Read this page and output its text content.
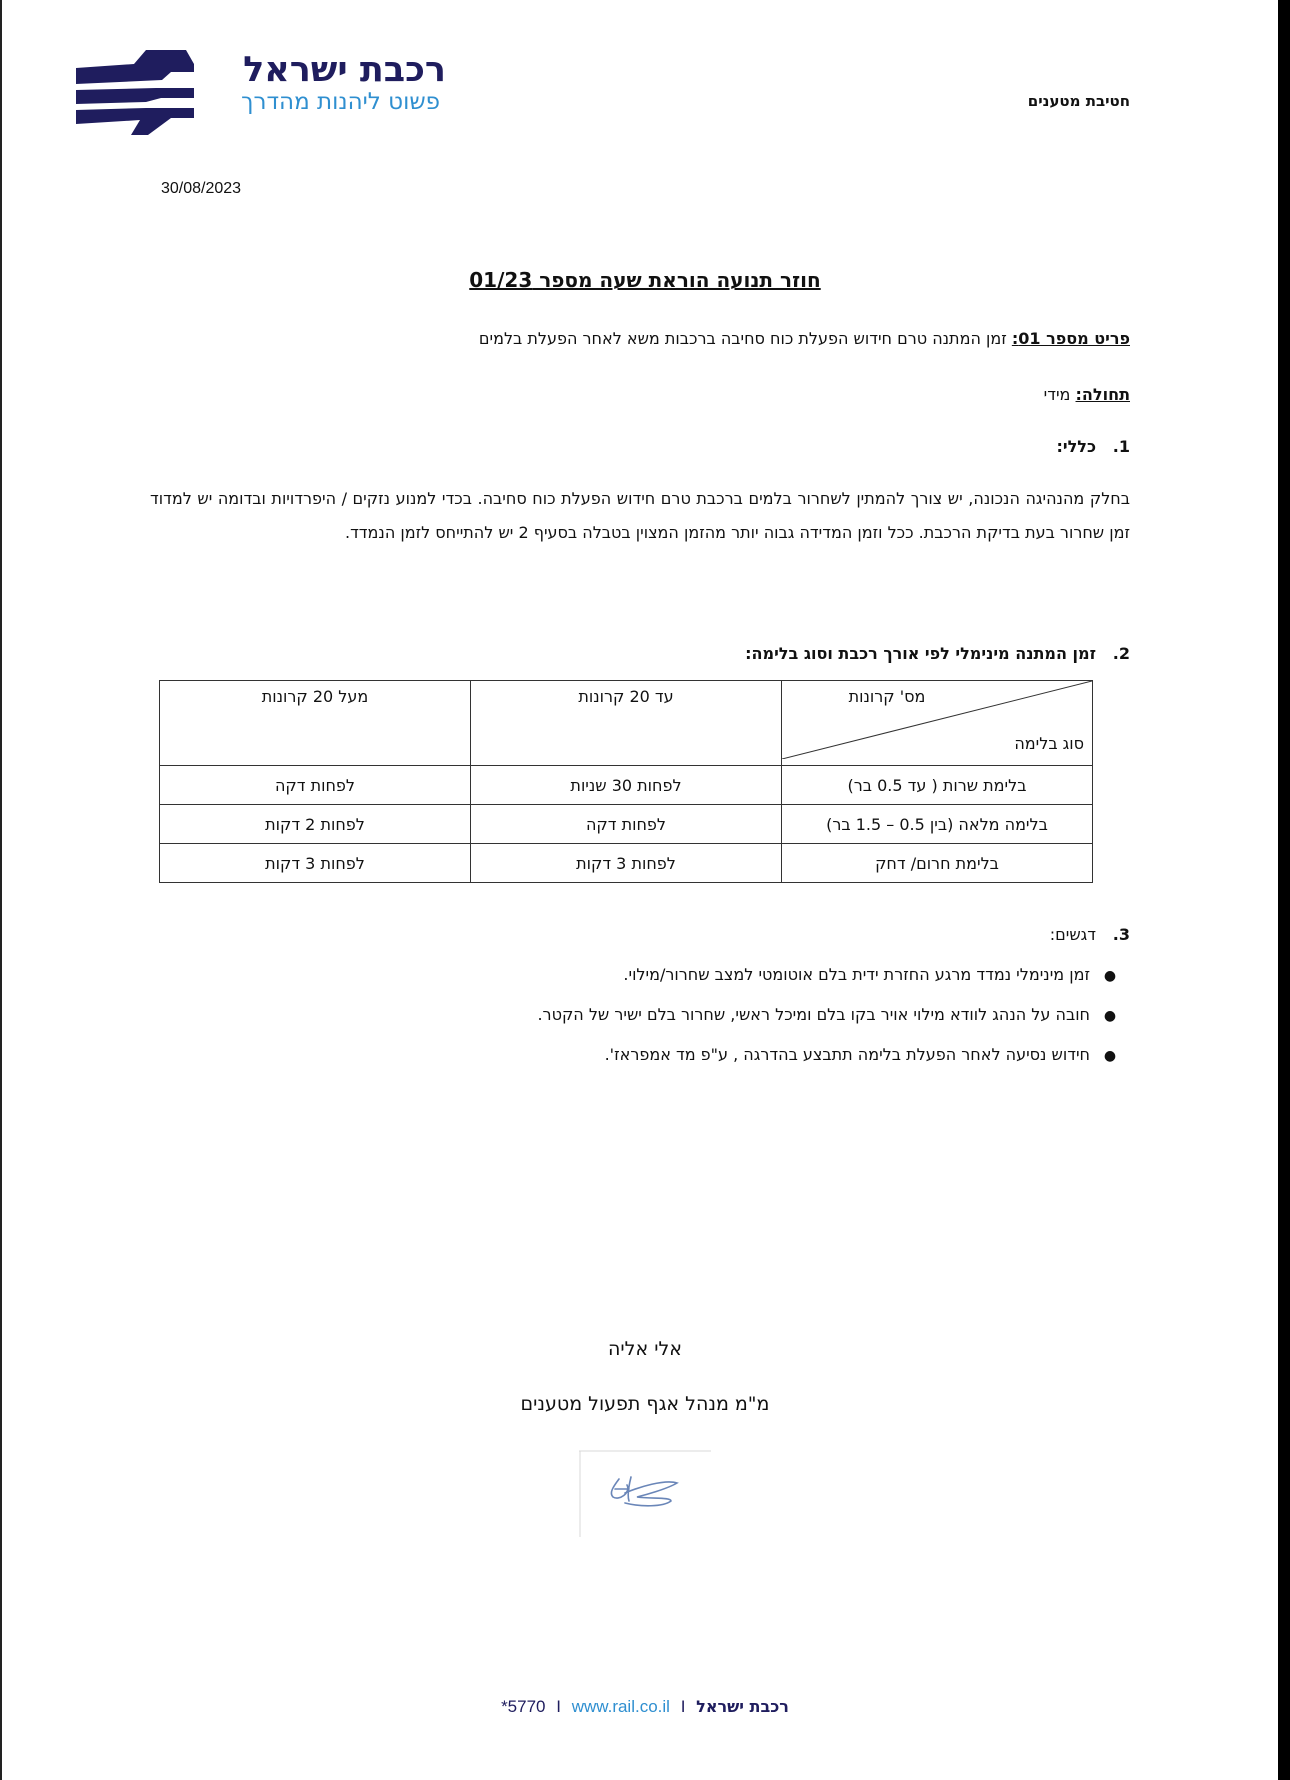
רכבת ישראל
פשוט ליהנות מהדרך	חטיבת מטענים
30/08/2023
חוזר תנועה הוראת שעה מספר 01/23
פריט מספר 01: זמן המתנה טרם חידוש הפעלת כוח סחיבה ברכבות משא לאחר הפעלת בלמים
תחולה: מידי
1.כללי:
בחלק מהנהיגה הנכונה, יש צורך להמתין לשחרור בלמים ברכבת טרם חידוש הפעלת כוח סחיבה. בכדי למנוע נזקים / היפרדויות ובדומה יש למדוד זמן שחרור בעת בדיקת הרכבת. ככל וזמן המדידה גבוה יותר מהזמן המצוין בטבלה בסעיף 2 יש להתייחס לזמן הנמדד.
2.זמן המתנה מינימלי לפי אורך רכבת וסוג בלימה:
מס' קרונות
סוג בלימה	עד 20 קרונות	מעל 20 קרונות
בלימת שרות ( עד 0.5 בר)	לפחות 30 שניות	לפחות דקה
בלימה מלאה (בין 0.5 – 1.5 בר)	לפחות דקה	לפחות 2 דקות
בלימת חרום/ דחק	לפחות 3 דקות	לפחות 3 דקות
3.דגשים:
●זמן מינימלי נמדד מרגע החזרת ידית בלם אוטומטי למצב שחרור/מילוי.
●חובה על הנהג לוודא מילוי אויר בקו בלם ומיכל ראשי, שחרור בלם ישיר של הקטר.
●חידוש נסיעה לאחר הפעלת בלימה תתבצע בהדרגה , ע"פ מד אמפראז'.
אלי אליה
מ"מ מנהל אגף תפעול מטענים
*5770 I www.rail.co.il I רכבת ישראל
